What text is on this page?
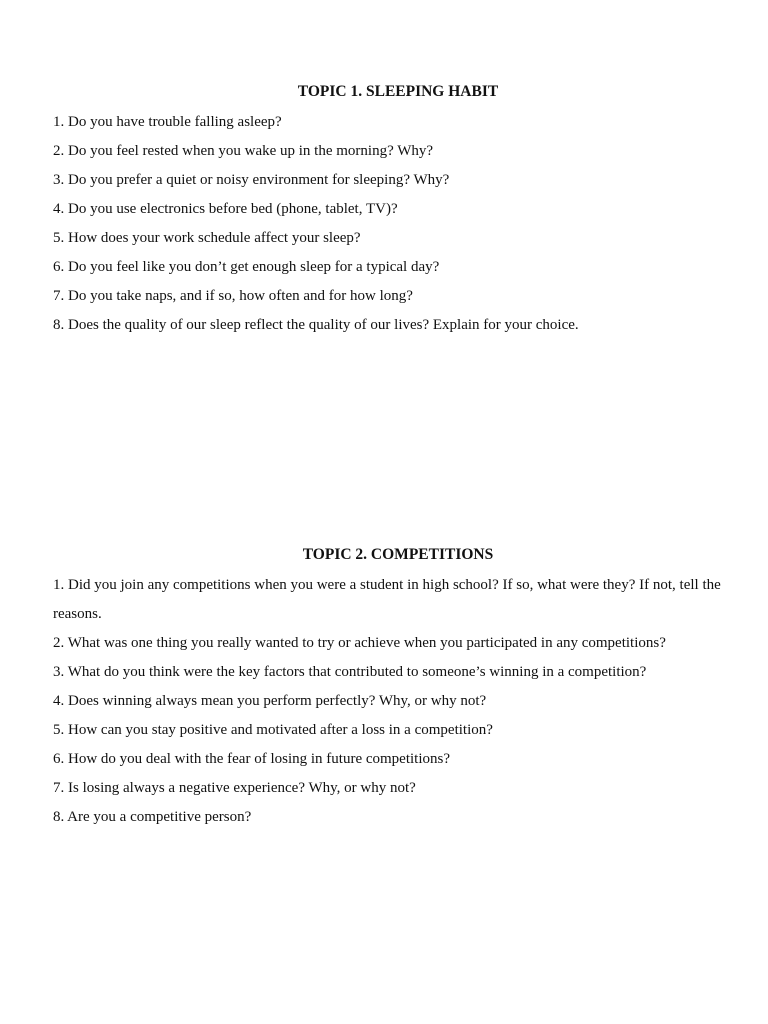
TOPIC 1. SLEEPING HABIT
1. Do you have trouble falling asleep?
2. Do you feel rested when you wake up in the morning? Why?
3. Do you prefer a quiet or noisy environment for sleeping? Why?
4. Do you use electronics before bed (phone, tablet, TV)?
5. How does your work schedule affect your sleep?
6. Do you feel like you don’t get enough sleep for a typical day?
7. Do you take naps, and if so, how often and for how long?
8. Does the quality of our sleep reflect the quality of our lives? Explain for your choice.
TOPIC 2. COMPETITIONS
1. Did you join any competitions when you were a student in high school? If so, what were they? If not, tell the reasons.
2. What was one thing you really wanted to try or achieve when you participated in any competitions?
3. What do you think were the key factors that contributed to someone’s winning in a competition?
4. Does winning always mean you perform perfectly? Why, or why not?
5. How can you stay positive and motivated after a loss in a competition?
6. How do you deal with the fear of losing in future competitions?
7. Is losing always a negative experience? Why, or why not?
8. Are you a competitive person?
